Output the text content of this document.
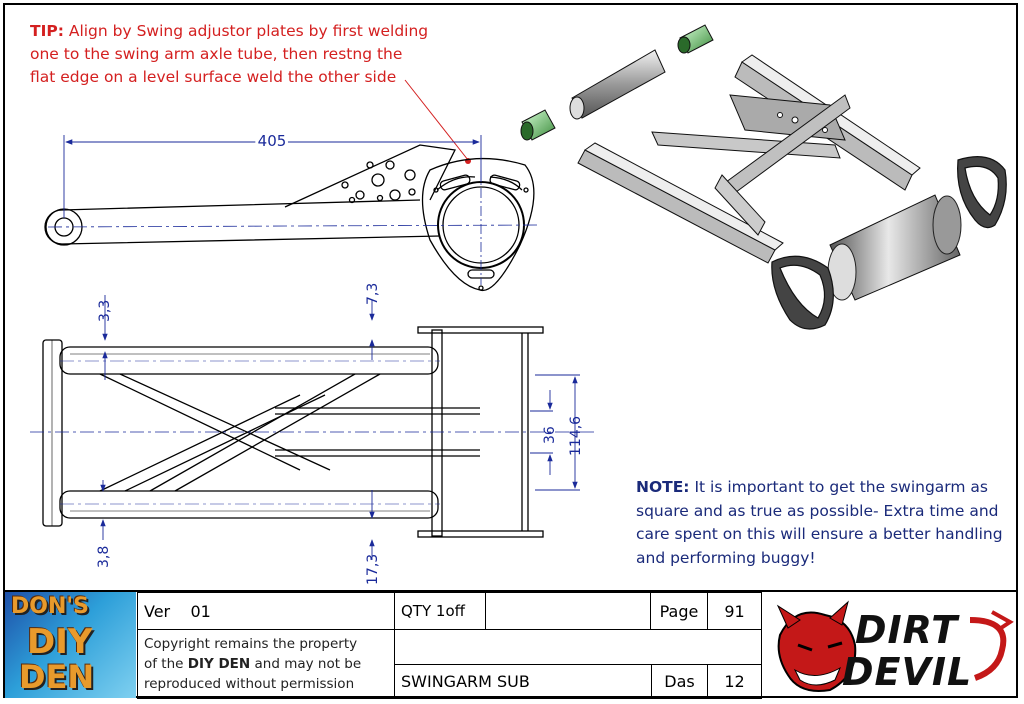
TIP: Align by Swing adjustor plates by first welding one to the swing arm axle tube, then restng the flat edge on a level surface weld the other side
405
7,3
3,3
3,8	17,3
36 114,6
NOTE: It is important to get the swingarm as square and as true as possible- Extra time and care spent on this will ensure a better handling and performing buggy!
DON'S
DIY
DEN
Ver 01
Copyright remains the property
of the DIY DEN and may not be
reproduced without permission
QTY 1off	Page	91
SWINGARM SUB	Das	12
DIRT
DEVIL
